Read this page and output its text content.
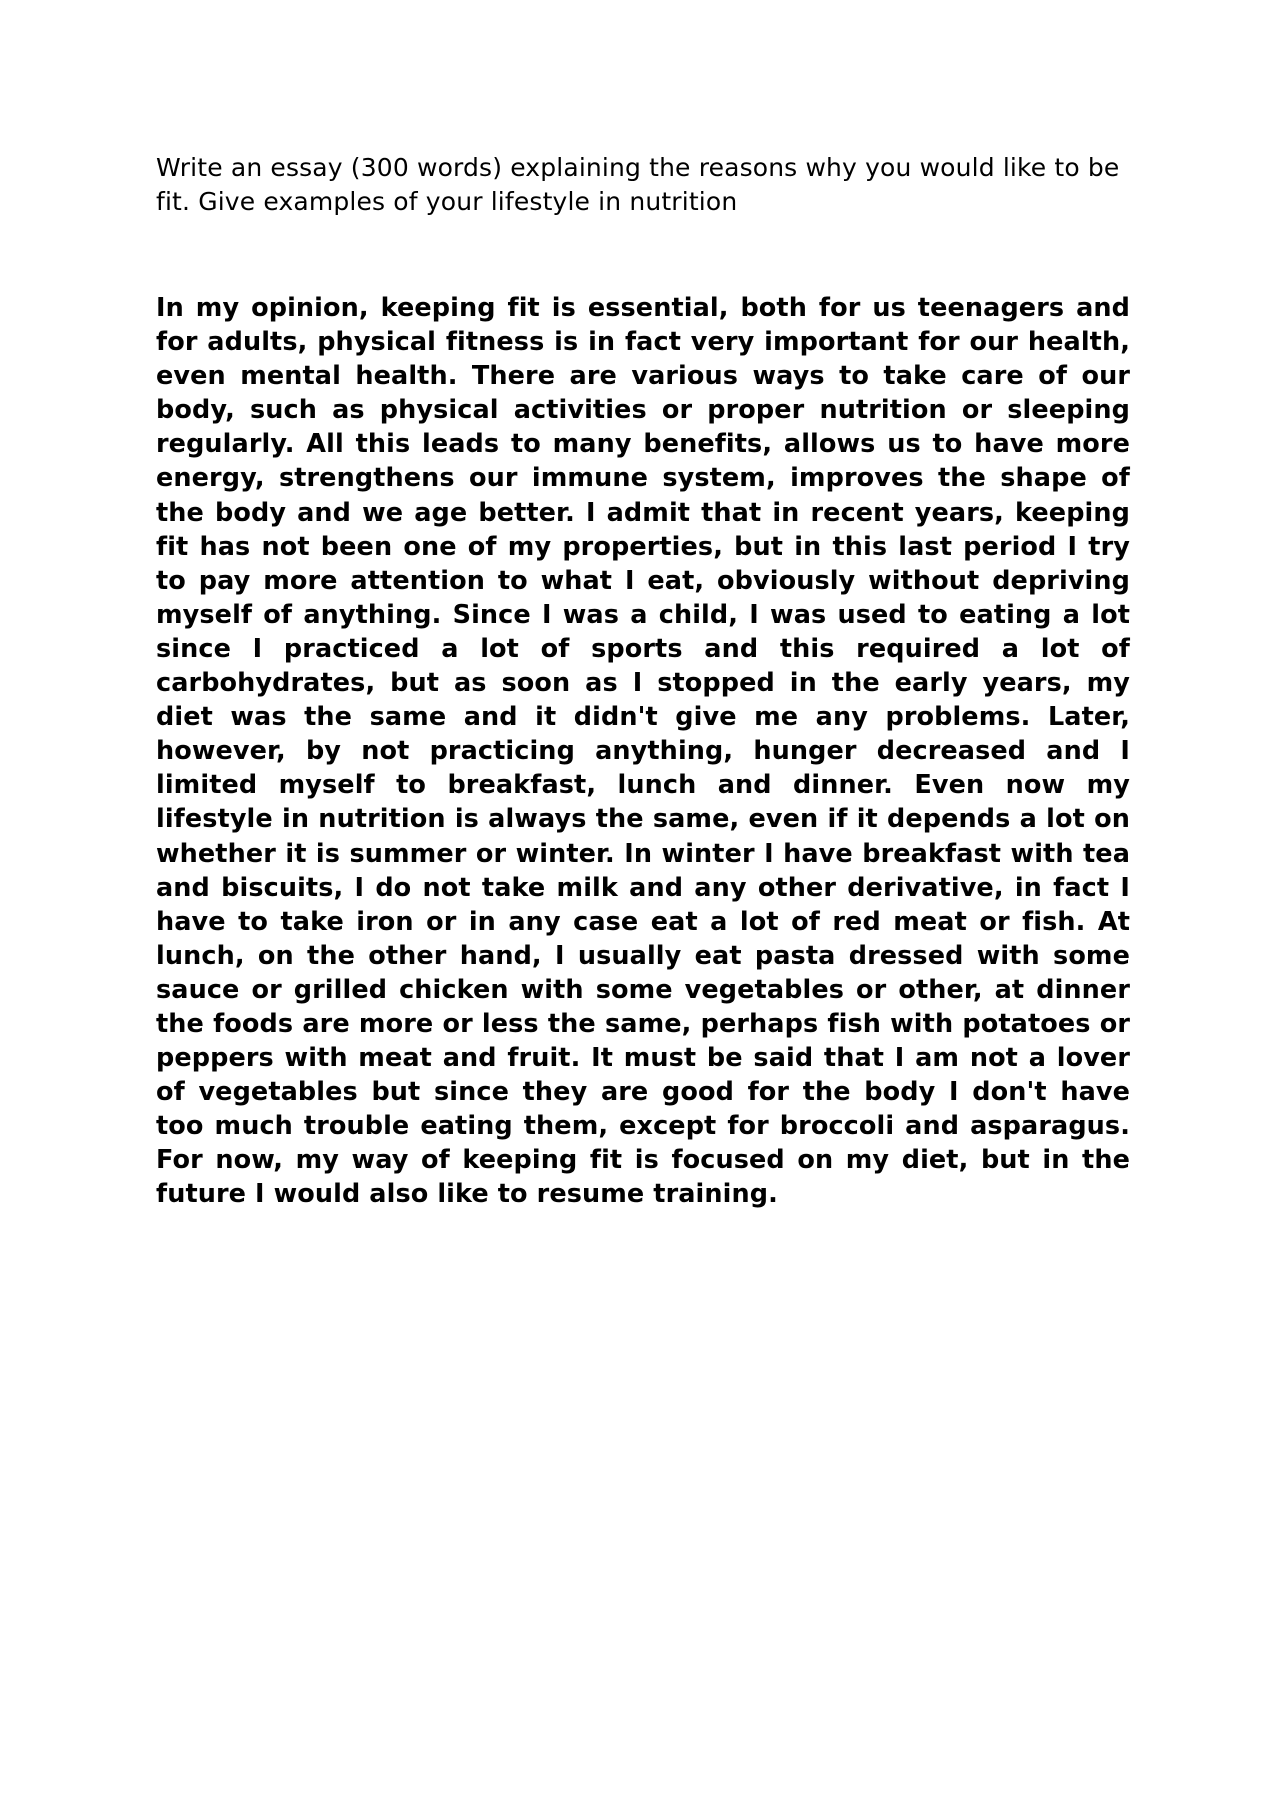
Write an essay (300 words) explaining the reasons why you would like to be fit. Give examples of your lifestyle in nutrition

In my opinion, keeping fit is essential, both for us teenagers and for adults, physical fitness is in fact very important for our health, even mental health. There are various ways to take care of our body, such as physical activities or proper nutrition or sleeping regularly. All this leads to many benefits, allows us to have more energy, strengthens our immune system, improves the shape of the body and we age better. I admit that in recent years, keeping fit has not been one of my properties, but in this last period I try to pay more attention to what I eat, obviously without depriving myself of anything. Since I was a child, I was used to eating a lot since I practiced a lot of sports and this required a lot of carbohydrates, but as soon as I stopped in the early years, my diet was the same and it didn't give me any problems. Later, however, by not practicing anything, hunger decreased and I limited myself to breakfast, lunch and dinner. Even now my lifestyle in nutrition is always the same, even if it depends a lot on whether it is summer or winter. In winter I have breakfast with tea and biscuits, I do not take milk and any other derivative, in fact I have to take iron or in any case eat a lot of red meat or fish. At lunch, on the other hand, I usually eat pasta dressed with some sauce or grilled chicken with some vegetables or other, at dinner the foods are more or less the same, perhaps fish with potatoes or peppers with meat and fruit. It must be said that I am not a lover of vegetables but since they are good for the body I don't have too much trouble eating them, except for broccoli and asparagus. For now, my way of keeping fit is focused on my diet, but in the future I would also like to resume training.
